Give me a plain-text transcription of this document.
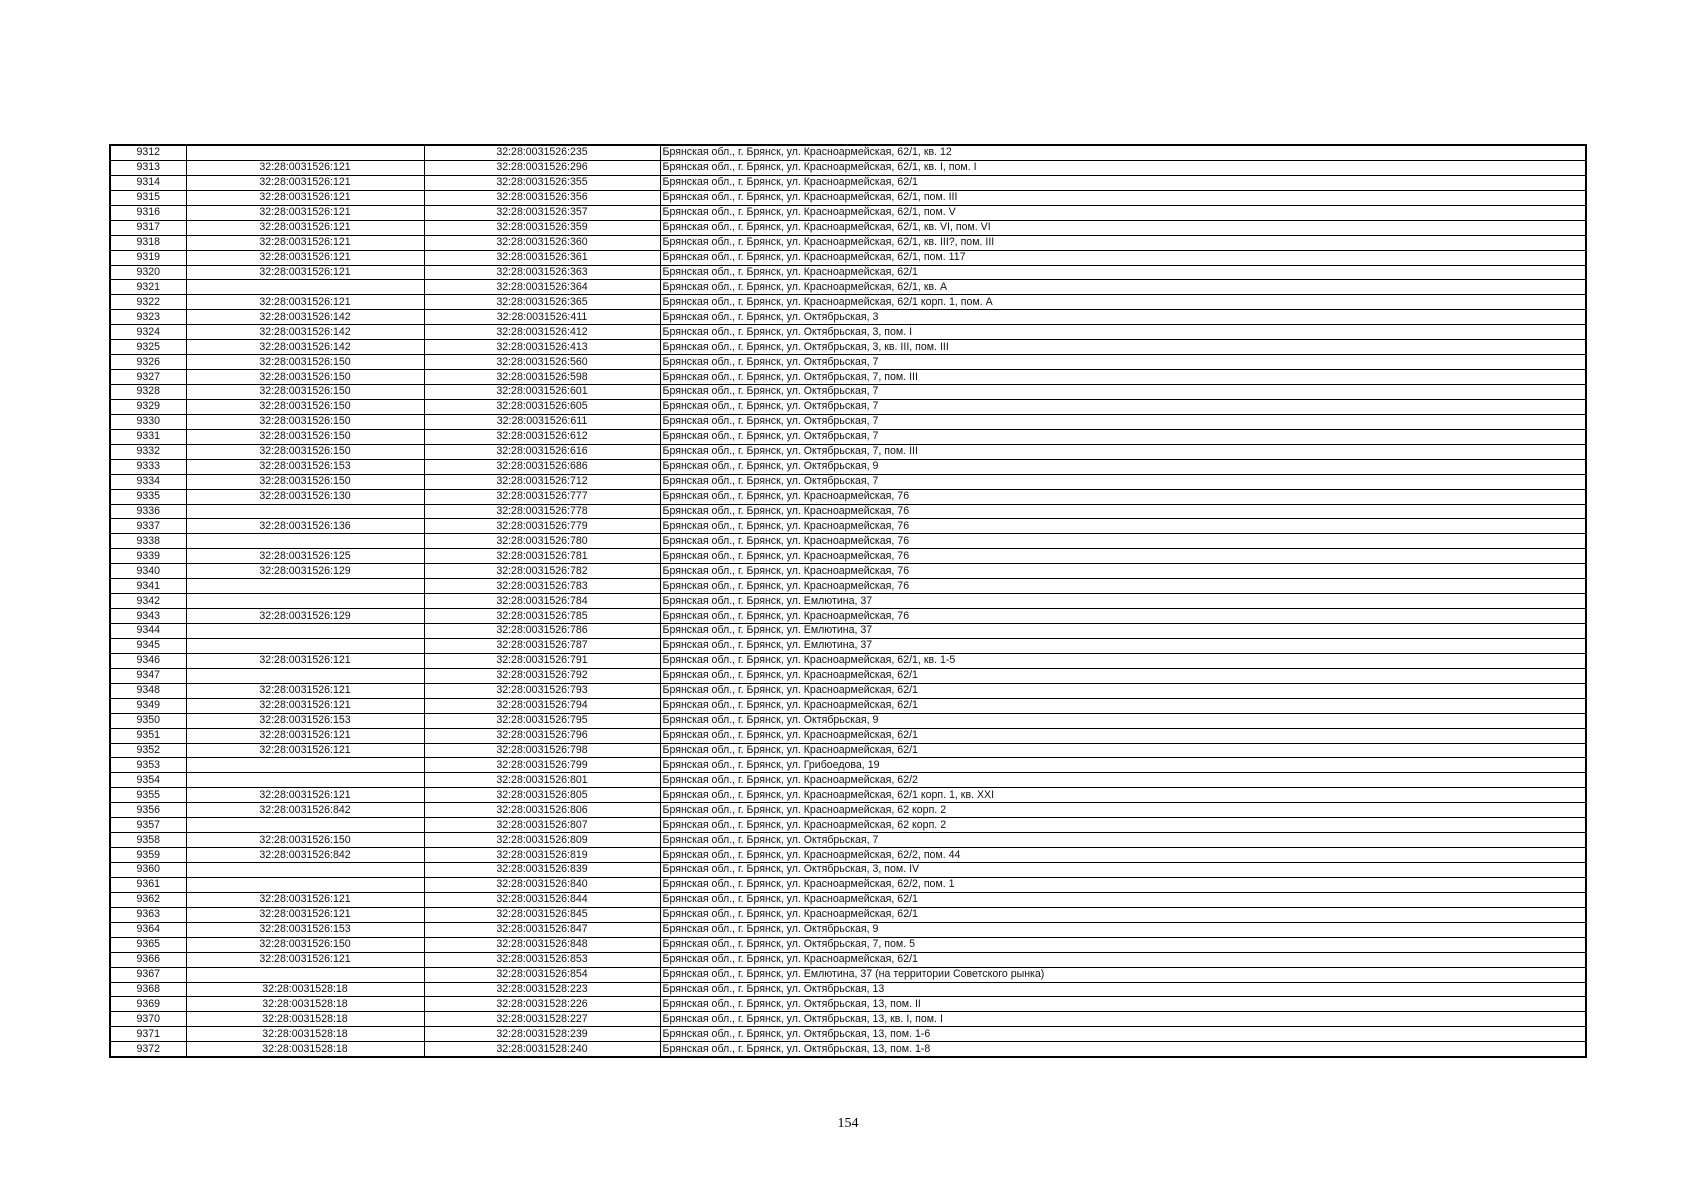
9312		32:28:0031526:235	Брянская обл., г. Брянск, ул. Красноармейская, 62/1, кв. 12
9313	32:28:0031526:121	32:28:0031526:296	Брянская обл., г. Брянск, ул. Красноармейская, 62/1, кв. I, пом. I
9314	32:28:0031526:121	32:28:0031526:355	Брянская обл., г. Брянск, ул. Красноармейская, 62/1
9315	32:28:0031526:121	32:28:0031526:356	Брянская обл., г. Брянск, ул. Красноармейская, 62/1, пом. III
9316	32:28:0031526:121	32:28:0031526:357	Брянская обл., г. Брянск, ул. Красноармейская, 62/1, пом. V
9317	32:28:0031526:121	32:28:0031526:359	Брянская обл., г. Брянск, ул. Красноармейская, 62/1, кв. VI, пом. VI
9318	32:28:0031526:121	32:28:0031526:360	Брянская обл., г. Брянск, ул. Красноармейская, 62/1, кв. III?, пом. III
9319	32:28:0031526:121	32:28:0031526:361	Брянская обл., г. Брянск, ул. Красноармейская, 62/1, пом. 117
9320	32:28:0031526:121	32:28:0031526:363	Брянская обл., г. Брянск, ул. Красноармейская, 62/1
9321		32:28:0031526:364	Брянская обл., г. Брянск, ул. Красноармейская, 62/1, кв. А
9322	32:28:0031526:121	32:28:0031526:365	Брянская обл., г. Брянск, ул. Красноармейская, 62/1 корп. 1, пом. А
9323	32:28:0031526:142	32:28:0031526:411	Брянская обл., г. Брянск, ул. Октябрьская, 3
9324	32:28:0031526:142	32:28:0031526:412	Брянская обл., г. Брянск, ул. Октябрьская, 3, пом. I
9325	32:28:0031526:142	32:28:0031526:413	Брянская обл., г. Брянск, ул. Октябрьская, 3, кв. III, пом. III
9326	32:28:0031526:150	32:28:0031526:560	Брянская обл., г. Брянск, ул. Октябрьская, 7
9327	32:28:0031526:150	32:28:0031526:598	Брянская обл., г. Брянск, ул. Октябрьская, 7, пом. III
9328	32:28:0031526:150	32:28:0031526:601	Брянская обл., г. Брянск, ул. Октябрьская, 7
9329	32:28:0031526:150	32:28:0031526:605	Брянская обл., г. Брянск, ул. Октябрьская, 7
9330	32:28:0031526:150	32:28:0031526:611	Брянская обл., г. Брянск, ул. Октябрьская, 7
9331	32:28:0031526:150	32:28:0031526:612	Брянская обл., г. Брянск, ул. Октябрьская, 7
9332	32:28:0031526:150	32:28:0031526:616	Брянская обл., г. Брянск, ул. Октябрьская, 7, пом. III
9333	32:28:0031526:153	32:28:0031526:686	Брянская обл., г. Брянск, ул. Октябрьская, 9
9334	32:28:0031526:150	32:28:0031526:712	Брянская обл., г. Брянск, ул. Октябрьская, 7
9335	32:28:0031526:130	32:28:0031526:777	Брянская обл., г. Брянск, ул. Красноармейская, 76
9336		32:28:0031526:778	Брянская обл., г. Брянск, ул. Красноармейская, 76
9337	32:28:0031526:136	32:28:0031526:779	Брянская обл., г. Брянск, ул. Красноармейская, 76
9338		32:28:0031526:780	Брянская обл., г. Брянск, ул. Красноармейская, 76
9339	32:28:0031526:125	32:28:0031526:781	Брянская обл., г. Брянск, ул. Красноармейская, 76
9340	32:28:0031526:129	32:28:0031526:782	Брянская обл., г. Брянск, ул. Красноармейская, 76
9341		32:28:0031526:783	Брянская обл., г. Брянск, ул. Красноармейская, 76
9342		32:28:0031526:784	Брянская обл., г. Брянск, ул. Емлютина, 37
9343	32:28:0031526:129	32:28:0031526:785	Брянская обл., г. Брянск, ул. Красноармейская, 76
9344		32:28:0031526:786	Брянская обл., г. Брянск, ул. Емлютина, 37
9345		32:28:0031526:787	Брянская обл., г. Брянск, ул. Емлютина, 37
9346	32:28:0031526:121	32:28:0031526:791	Брянская обл., г. Брянск, ул. Красноармейская, 62/1, кв. 1-5
9347		32:28:0031526:792	Брянская обл., г. Брянск, ул. Красноармейская, 62/1
9348	32:28:0031526:121	32:28:0031526:793	Брянская обл., г. Брянск, ул. Красноармейская, 62/1
9349	32:28:0031526:121	32:28:0031526:794	Брянская обл., г. Брянск, ул. Красноармейская, 62/1
9350	32:28:0031526:153	32:28:0031526:795	Брянская обл., г. Брянск, ул. Октябрьская, 9
9351	32:28:0031526:121	32:28:0031526:796	Брянская обл., г. Брянск, ул. Красноармейская, 62/1
9352	32:28:0031526:121	32:28:0031526:798	Брянская обл., г. Брянск, ул. Красноармейская, 62/1
9353		32:28:0031526:799	Брянская обл., г. Брянск, ул. Грибоедова, 19
9354		32:28:0031526:801	Брянская обл., г. Брянск, ул. Красноармейская, 62/2
9355	32:28:0031526:121	32:28:0031526:805	Брянская обл., г. Брянск, ул. Красноармейская, 62/1 корп. 1, кв. XXI
9356	32:28:0031526:842	32:28:0031526:806	Брянская обл., г. Брянск, ул. Красноармейская, 62 корп. 2
9357		32:28:0031526:807	Брянская обл., г. Брянск, ул. Красноармейская, 62 корп. 2
9358	32:28:0031526:150	32:28:0031526:809	Брянская обл., г. Брянск, ул. Октябрьская, 7
9359	32:28:0031526:842	32:28:0031526:819	Брянская обл., г. Брянск, ул. Красноармейская, 62/2, пом. 44
9360		32:28:0031526:839	Брянская обл., г. Брянск, ул. Октябрьская, 3, пом. IV
9361		32:28:0031526:840	Брянская обл., г. Брянск, ул. Красноармейская, 62/2, пом. 1
9362	32:28:0031526:121	32:28:0031526:844	Брянская обл., г. Брянск, ул. Красноармейская, 62/1
9363	32:28:0031526:121	32:28:0031526:845	Брянская обл., г. Брянск, ул. Красноармейская, 62/1
9364	32:28:0031526:153	32:28:0031526:847	Брянская обл., г. Брянск, ул. Октябрьская, 9
9365	32:28:0031526:150	32:28:0031526:848	Брянская обл., г. Брянск, ул. Октябрьская, 7, пом. 5
9366	32:28:0031526:121	32:28:0031526:853	Брянская обл., г. Брянск, ул. Красноармейская, 62/1
9367		32:28:0031526:854	Брянская обл., г. Брянск, ул. Емлютина, 37 (на территории Советского рынка)
9368	32:28:0031528:18	32:28:0031528:223	Брянская обл., г. Брянск, ул. Октябрьская, 13
9369	32:28:0031528:18	32:28:0031528:226	Брянская обл., г. Брянск, ул. Октябрьская, 13, пом. II
9370	32:28:0031528:18	32:28:0031528:227	Брянская обл., г. Брянск, ул. Октябрьская, 13, кв. I, пом. I
9371	32:28:0031528:18	32:28:0031528:239	Брянская обл., г. Брянск, ул. Октябрьская, 13, пом. 1-6
9372	32:28:0031528:18	32:28:0031528:240	Брянская обл., г. Брянск, ул. Октябрьская, 13, пом. 1-8
154
